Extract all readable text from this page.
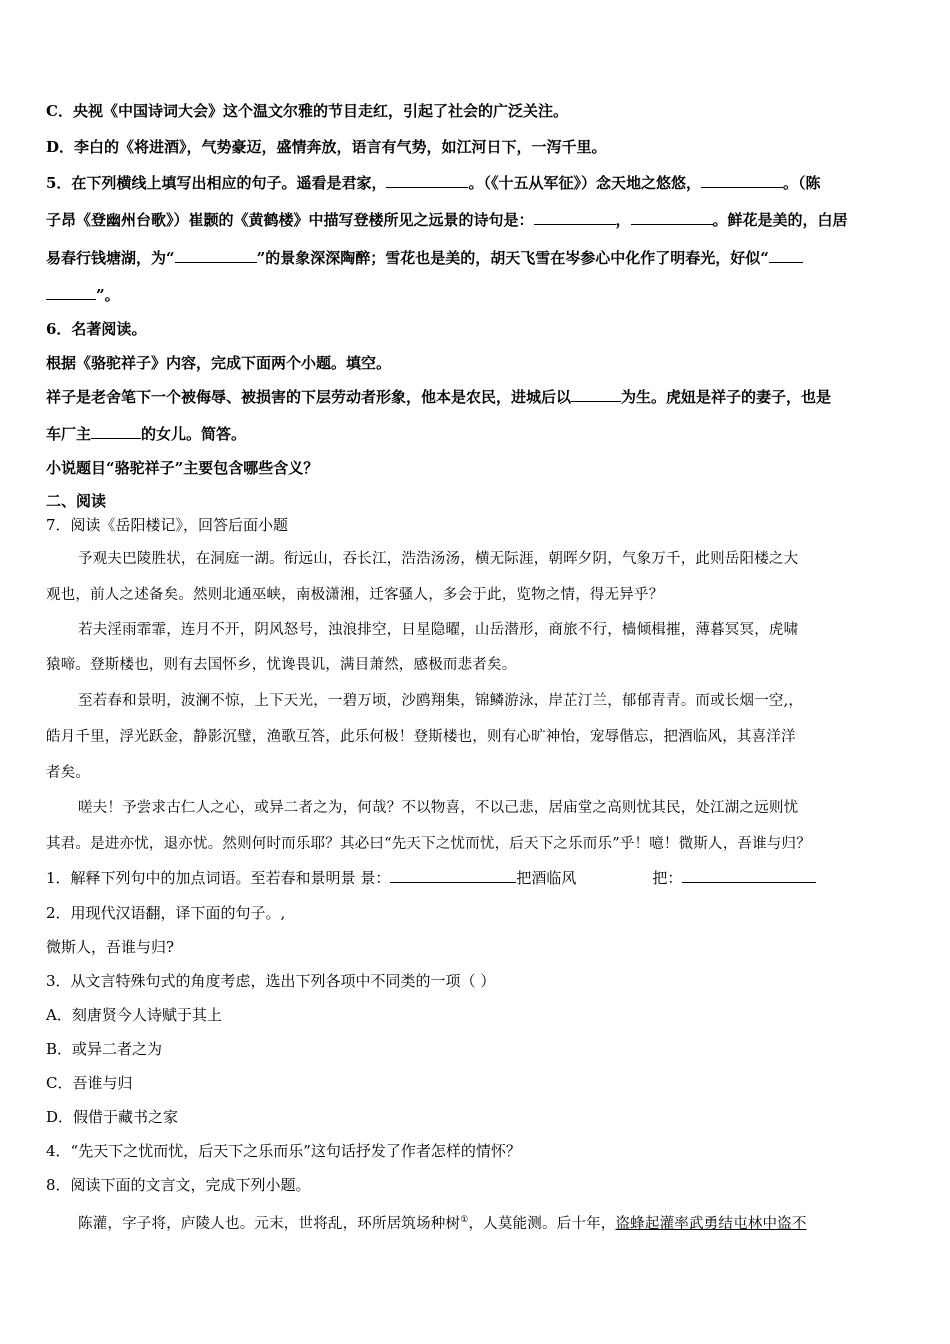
C．央视《中国诗词大会》这个温文尔雅的节目走红，引起了社会的广泛关注。
D．李白的《将进酒》，气势豪迈，盛情奔放，语言有气势，如江河日下，一泻千里。
5．在下列横线上填写出相应的句子。遥看是君家，	。（《十五从军征》）念天地之悠悠，	。（陈
子昂《登幽州台歌》）崔颢的《黄鹤楼》中描写登楼所见之远景的诗句是：	，	。鲜花是美的，白居
易春行钱塘湖，为“	”的景象深深陶醉；雪花也是美的，胡天飞雪在岑参心中化作了明春光，好似“
”。
6．名著阅读。
根据《骆驼祥子》内容，完成下面两个小题。填空。
祥子是老舍笔下一个被侮辱、被损害的下层劳动者形象，他本是农民，进城后以	为生。虎妞是祥子的妻子，也是
车厂主	的女儿。简答。
小说题目“骆驼祥子”主要包含哪些含义？
二、阅读
7．阅读《岳阳楼记》，回答后面小题
予观夫巴陵胜状，在洞庭一湖。衔远山，吞长江，浩浩汤汤，横无际涯，朝晖夕阴，气象万千，此则岳阳楼之大
观也，前人之述备矣。然则北通巫峡，南极潇湘，迁客骚人，多会于此，览物之情，得无异乎？
若夫淫雨霏霏，连月不开，阴风怒号，浊浪排空，日星隐曜，山岳潜形，商旅不行，樯倾楫摧，薄暮冥冥，虎啸
猿啼。登斯楼也，则有去国怀乡，忧谗畏讥，满目萧然，感极而悲者矣。
至若春和景明，波澜不惊，上下天光，一碧万顷，沙鸥翔集，锦鳞游泳，岸芷汀兰，郁郁青青。而或长烟一空,，
皓月千里，浮光跃金，静影沉璧，渔歌互答，此乐何极！登斯楼也，则有心旷神怡，宠辱偕忘，把酒临风，其喜洋洋
者矣。
嗟夫！予尝求古仁人之心，或异二者之为，何哉？不以物喜，不以己悲，居庙堂之高则忧其民，处江湖之远则忧
其君。是进亦忧，退亦忧。然则何时而乐耶？其必曰“先天下之忧而忧，后天下之乐而乐”乎！噫！微斯人，吾谁与归？
1．解释下列句中的加点词语。至若春和景明景 景：	把酒临风	把：
2．用现代汉语翻，译下面的句子。,
微斯人，吾谁与归?
3．从文言特殊句式的角度考虑，选出下列各项中不同类的一项（ ）
A．刻唐贤今人诗赋于其上
B．或异二者之为
C．吾谁与归
D．假借于藏书之家
4．“先天下之忧而忧，后天下之乐而乐”这句话抒发了作者怎样的情怀？
8．阅读下面的文言文，完成下列小题。
陈灌，字子将，庐陵人也。元末，世将乱，环所居筑场种树①，人莫能测。后十年，盗蜂起灌率武勇结屯林中盗不
